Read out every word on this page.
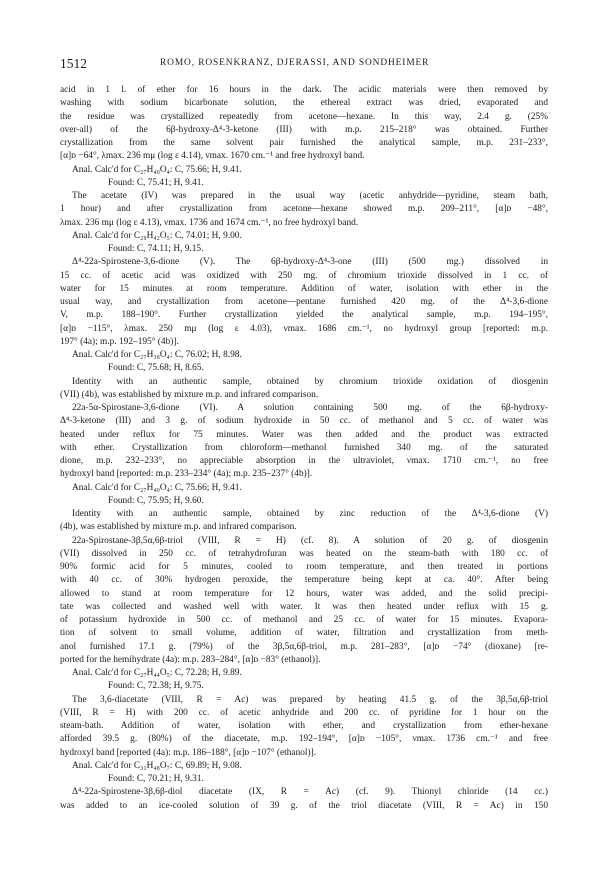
1512	ROMO, ROSENKRANZ, DJERASSI, AND SONDHEIMER
acid in 1 l. of ether for 16 hours in the dark. The acidic materials were then removed by
washing with sodium bicarbonate solution, the ethereal extract was dried, evaporated and
the residue was crystallized repeatedly from acetone—hexane. In this way, 2.4 g. (25%
over-all) of the 6β-hydroxy-Δ⁴-3-ketone (III) with m.p. 215–218° was obtained. Further
crystallization from the same solvent pair furnished the analytical sample, m.p. 231–233°,
[α]ᴅ −64°, λmax. 236 mμ (log ε 4.14), νmax. 1670 cm.⁻¹ and free hydroxyl band.
Anal. Calc'd for C₂₇H₄₀O₄: C, 75.66; H, 9.41.
Found: C, 75.41; H, 9.41.
The acetate (IV) was prepared in the usual way (acetic anhydride—pyridine, steam bath,
1 hour) and after crystallization from acetone—hexane showed m.p. 209–211°, [α]ᴅ −48°,
λmax. 236 mμ (log ε 4.13), νmax. 1736 and 1674 cm.⁻¹, no free hydroxyl band.
Anal. Calc'd for C₂₉H₄₂O₅: C, 74.01; H, 9.00.
Found: C, 74.11; H, 9.15.
Δ⁴-22a-Spirostene-3,6-dione (V). The 6β-hydroxy-Δ⁴-3-one (III) (500 mg.) dissolved in
15 cc. of acetic acid was oxidized with 250 mg. of chromium trioxide dissolved in 1 cc. of
water for 15 minutes at room temperature. Addition of water, isolation with ether in the
usual way, and crystallization from acetone—pentane furnished 420 mg. of the Δ⁴-3,6-dione
V, m.p. 188–190°. Further crystallization yielded the analytical sample, m.p. 194–195°,
[α]ᴅ −115°, λmax. 250 mμ (log ε 4.03), νmax. 1686 cm.⁻¹, no hydroxyl group [reported: m.p.
197° (4a); m.p. 192–195° (4b)].
Anal. Calc'd for C₂₇H₃₈O₄: C, 76.02; H, 8.98.
Found: C, 75.68; H, 8.65.
Identity with an authentic sample, obtained by chromium trioxide oxidation of diosgenin
(VII) (4b), was established by mixture m.p. and infrared comparison.
22a-5α-Spirostane-3,6-dione (VI). A solution containing 500 mg. of the 6β-hydroxy-
Δ⁴-3-ketone (III) and 3 g. of sodium hydroxide in 50 cc. of methanol and 5 cc. of water was
heated under reflux for 75 minutes. Water was then added and the product was extracted
with ether. Crystallization from chloroform—methanol furnished 340 mg. of the saturated
dione, m.p. 232–233°, no appreciable absorption in the ultraviolet, νmax. 1710 cm.⁻¹, no free
hydroxyl band [reported: m.p. 233–234° (4a); m.p. 235–237° (4b)].
Anal. Calc'd for C₂₇H₄₀O₄: C, 75.66; H, 9.41.
Found: C, 75.95; H, 9.60.
Identity with an authentic sample, obtained by zinc reduction of the Δ⁴-3,6-dione (V)
(4b), was established by mixture m.p. and infrared comparison.
22a-Spirostane-3β,5α,6β-triol (VIII, R = H) (cf. 8). A solution of 20 g. of diosgenin
(VII) dissolved in 250 cc. of tetrahydrofuran was heated on the steam-bath with 180 cc. of
90% formic acid for 5 minutes, cooled to room temperature, and then treated in portions
with 40 cc. of 30% hydrogen peroxide, the temperature being kept at ca. 40°. After being
allowed to stand at room temperature for 12 hours, water was added, and the solid precipi-
tate was collected and washed well with water. It was then heated under reflux with 15 g.
of potassium hydroxide in 500 cc. of methanol and 25 cc. of water for 15 minutes. Evapora-
tion of solvent to small volume, addition of water, filtration and crystallization from meth-
anol furnished 17.1 g. (79%) of the 3β,5α,6β-triol, m.p. 281–283°, [α]ᴅ −74° (dioxane) [re-
ported for the hemihydrate (4a): m.p. 283–284°, [α]ᴅ −83° (ethanol)].
Anal. Calc'd for C₂₇H₄₄O₅: C, 72.28; H, 9.89.
Found: C, 72.38; H, 9.75.
The 3,6-diacetate (VIII, R = Ac) was prepared by heating 41.5 g. of the 3β,5α,6β-triol
(VIII, R = H) with 200 cc. of acetic anhydride and 200 cc. of pyridine for 1 hour on the
steam-bath. Addition of water, isolation with ether, and crystallization from ether-hexane
afforded 39.5 g. (80%) of the diacetate, m.p. 192–194°, [α]ᴅ −105°, νmax. 1736 cm.⁻¹ and free
hydroxyl band [reported (4a): m.p. 186–188°, [α]ᴅ −107° (ethanol)].
Anal. Calc'd for C₃₁H₄₈O₇: C, 69.89; H, 9.08.
Found: C, 70.21; H, 9.31.
Δ⁴-22a-Spirostene-3β,6β-diol diacetate (IX, R = Ac) (cf. 9). Thionyl chloride (14 cc.)
was added to an ice-cooled solution of 39 g. of the triol diacetate (VIII, R = Ac) in 150
